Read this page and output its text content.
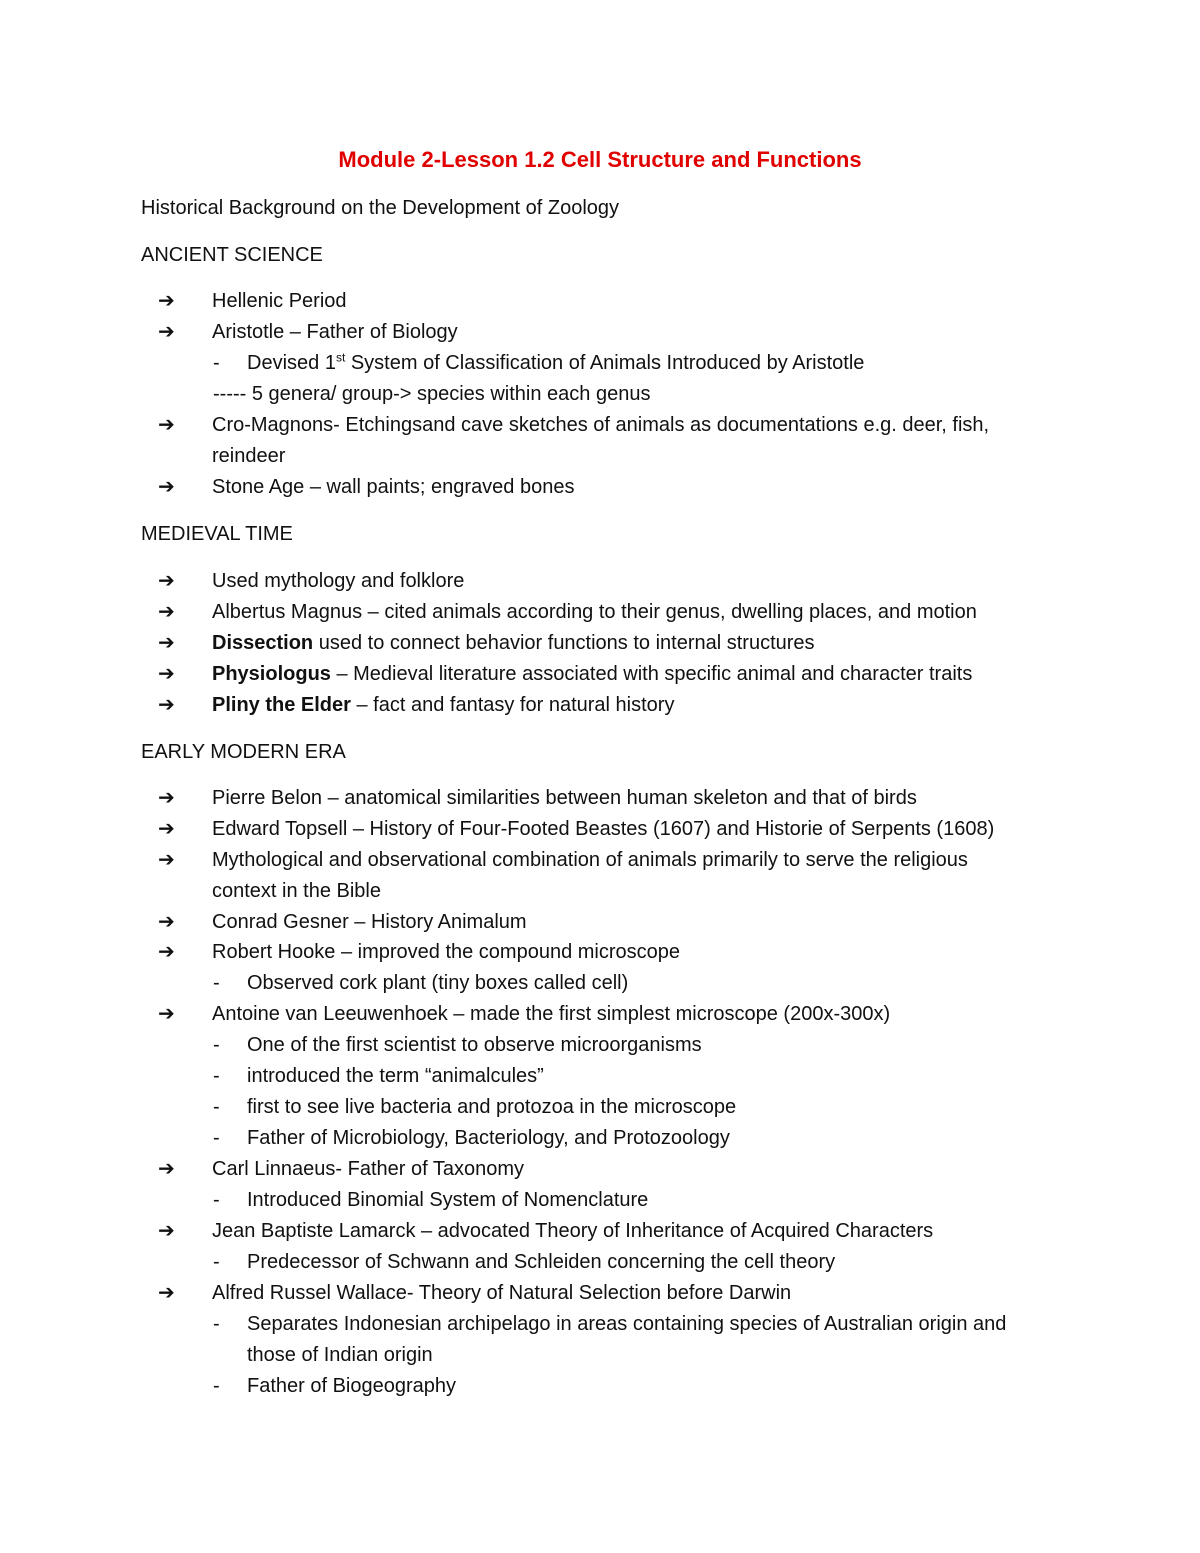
Module 2-Lesson 1.2 Cell Structure and Functions
Historical Background on the Development of Zoology
ANCIENT SCIENCE
➔ Hellenic Period
➔ Aristotle – Father of Biology
- Devised 1st System of Classification of Animals Introduced by Aristotle
----- 5 genera/ group-> species within each genus
➔ Cro-Magnons- Etchingsand cave sketches of animals as documentations e.g. deer, fish,
reindeer
➔ Stone Age – wall paints; engraved bones
MEDIEVAL TIME
➔ Used mythology and folklore
➔ Albertus Magnus – cited animals according to their genus, dwelling places, and motion
➔ Dissection used to connect behavior functions to internal structures
➔ Physiologus – Medieval literature associated with specific animal and character traits
➔ Pliny the Elder – fact and fantasy for natural history
EARLY MODERN ERA
➔ Pierre Belon – anatomical similarities between human skeleton and that of birds
➔ Edward Topsell – History of Four-Footed Beastes (1607) and Historie of Serpents (1608)
➔ Mythological and observational combination of animals primarily to serve the religious
context in the Bible
➔ Conrad Gesner – History Animalum
➔ Robert Hooke – improved the compound microscope
- Observed cork plant (tiny boxes called cell)
➔ Antoine van Leeuwenhoek – made the first simplest microscope (200x-300x)
- One of the first scientist to observe microorganisms
- introduced the term “animalcules”
- first to see live bacteria and protozoa in the microscope
- Father of Microbiology, Bacteriology, and Protozoology
➔ Carl Linnaeus- Father of Taxonomy
- Introduced Binomial System of Nomenclature
➔ Jean Baptiste Lamarck – advocated Theory of Inheritance of Acquired Characters
- Predecessor of Schwann and Schleiden concerning the cell theory
➔ Alfred Russel Wallace- Theory of Natural Selection before Darwin
- Separates Indonesian archipelago in areas containing species of Australian origin and
those of Indian origin
- Father of Biogeography
